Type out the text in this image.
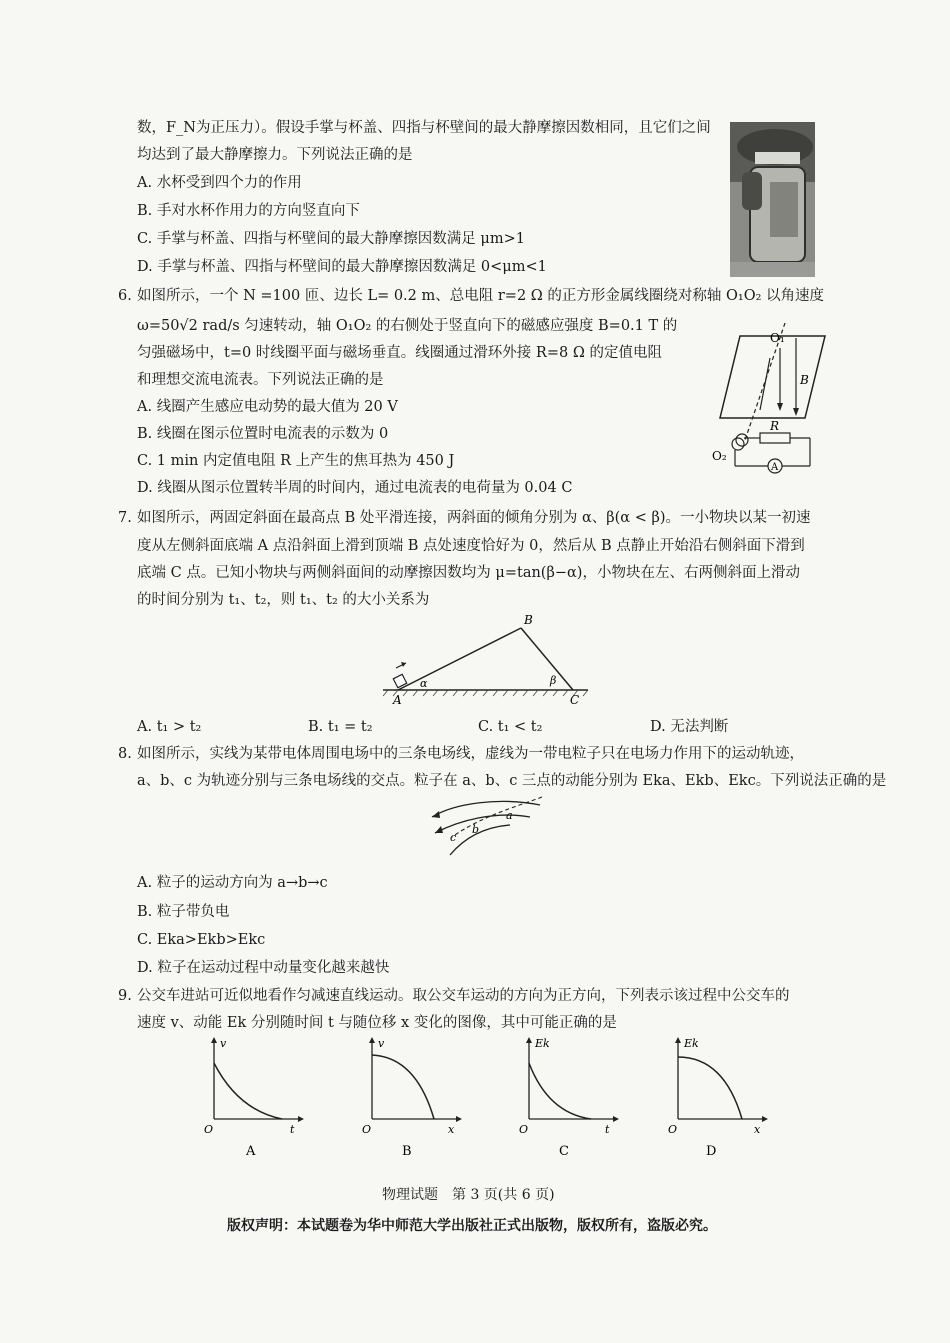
数，F_N为正压力）。假设手掌与杯盖、四指与杯壁间的最大静摩擦因数相同，且它们之间
均达到了最大静摩擦力。下列说法正确的是
A. 水杯受到四个力的作用
B. 手对水杯作用力的方向竖直向下
C. 手掌与杯盖、四指与杯壁间的最大静摩擦因数满足 μm>1
D. 手掌与杯盖、四指与杯壁间的最大静摩擦因数满足 0<μm<1
6. 如图所示，一个 N =100 匝、边长 L= 0.2 m、总电阻 r=2 Ω 的正方形金属线圈绕对称轴 O₁O₂ 以角速度
ω=50√2 rad/s 匀速转动，轴 O₁O₂ 的右侧处于竖直向下的磁感应强度 B=0.1 T 的
匀强磁场中，t=0 时线圈平面与磁场垂直。线圈通过滑环外接 R=8 Ω 的定值电阻
和理想交流电流表。下列说法正确的是
A. 线圈产生感应电动势的最大值为 20 V
B. 线圈在图示位置时电流表的示数为 0
C. 1 min 内定值电阻 R 上产生的焦耳热为 450 J
D. 线圈从图示位置转半周的时间内，通过电流表的电荷量为 0.04 C
O₁
B
R
A
O₂
7. 如图所示，两固定斜面在最高点 B 处平滑连接，两斜面的倾角分别为 α、β(α < β)。一小物块以某一初速
度从左侧斜面底端 A 点沿斜面上滑到顶端 B 点处速度恰好为 0，然后从 B 点静止开始沿右侧斜面下滑到
底端 C 点。已知小物块与两侧斜面间的动摩擦因数均为 μ=tan(β−α)，小物块在左、右两侧斜面上滑动
的时间分别为 t₁、t₂，则 t₁、t₂ 的大小关系为
B
A	C
α	β
A. t₁ > t₂	B. t₁ = t₂	C. t₁ < t₂	D. 无法判断
8. 如图所示，实线为某带电体周围电场中的三条电场线，虚线为一带电粒子只在电场力作用下的运动轨迹，
a、b、c 为轨迹分别与三条电场线的交点。粒子在 a、b、c 三点的动能分别为 Eka、Ekb、Ekc。下列说法正确的是
a
b
c
A. 粒子的运动方向为 a→b→c
B. 粒子带负电
C. Eka>Ekb>Ekc
D. 粒子在运动过程中动量变化越来越快
9. 公交车进站可近似地看作匀减速直线运动。取公交车运动的方向为正方向，下列表示该过程中公交车的
速度 v、动能 Ek 分别随时间 t 与随位移 x 变化的图像，其中可能正确的是
v
t
O
A
v
x
O
B
Ek
t
O
C
Ek
x
O
D
物理试题　第 3 页(共 6 页)
版权声明：本试题卷为华中师范大学出版社正式出版物，版权所有，盗版必究。
